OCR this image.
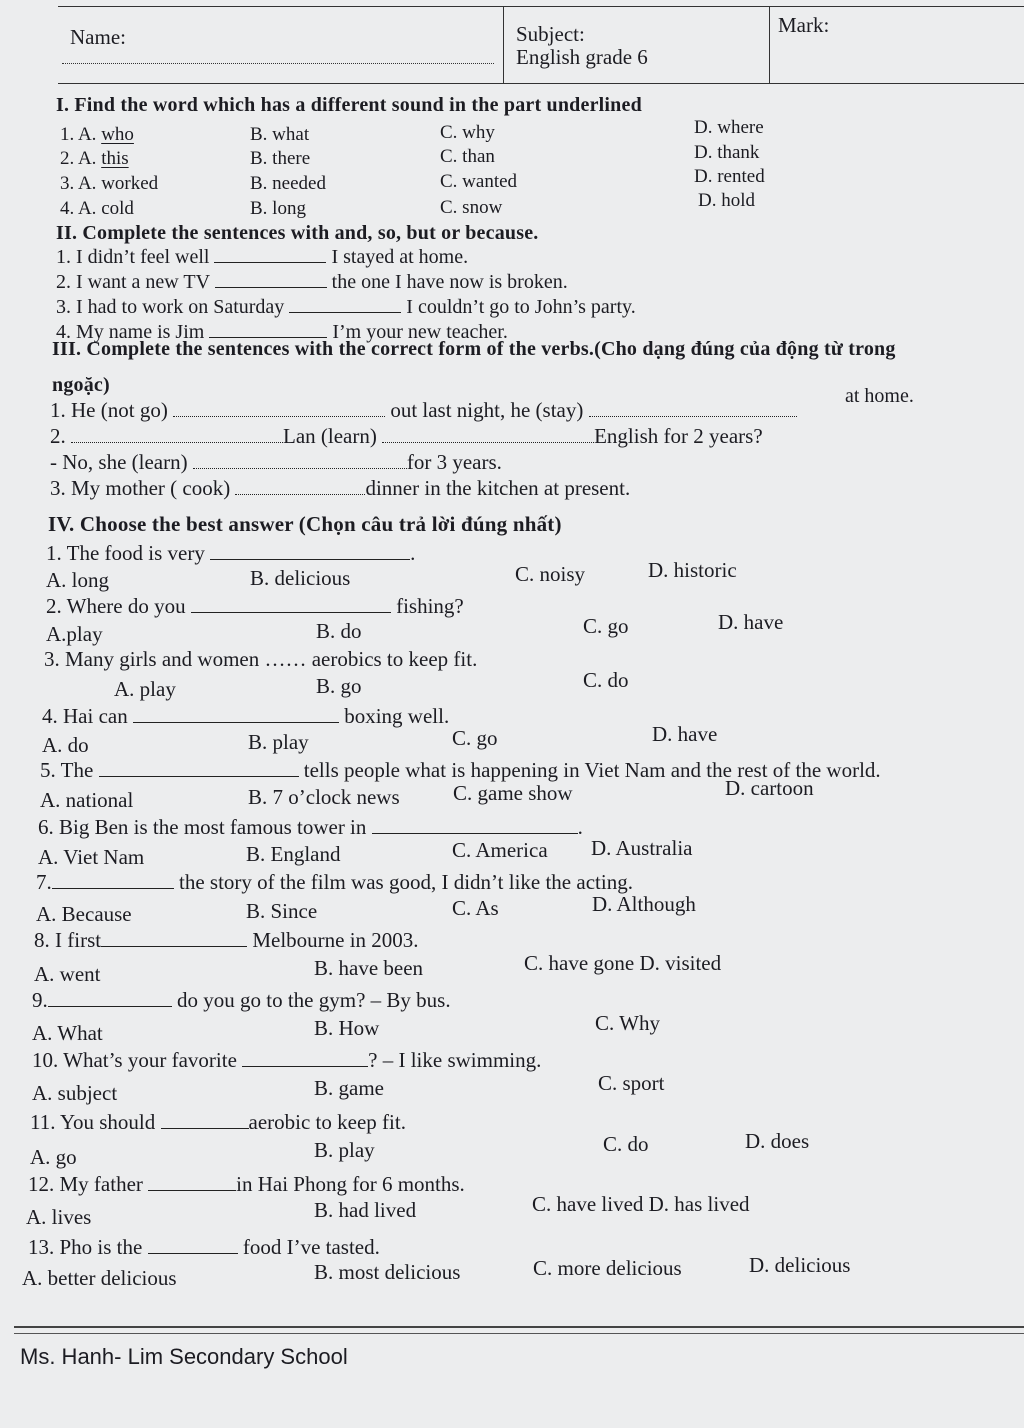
Name:	Subject:
English grade 6
Mark:
I. Find the word which has a different sound in the part underlined
1. A. who	B. what	C. why	D. where
2. A. this	B. there	C. than	D. thank
3. A. worked	B. needed	C. wanted	D. rented
4. A. cold	B. long	C. snow	D. hold
II. Complete the sentences with and, so, but or because.
1. I didn’t feel well	I stayed at home.
2. I want a new TV	the one I have now is broken.
3. I had to work on Saturday	I couldn’t go to John’s party.
4. My name is Jim	I’m your new teacher.
III. Complete the sentences with the correct form of the verbs.(Cho dạng đúng của động từ trong
ngoặc)
1. He (not go)	out last night, he (stay)
at home.
2.	Lan (learn)	English for 2 years?
- No, she (learn)	for 3 years.
3. My mother ( cook)	dinner in the kitchen at present.
IV. Choose the best answer (Chọn câu trả lời đúng nhất)
1. The food is very	.
A. long	B. delicious	C. noisy	D. historic
2. Where do you	fishing?
A.play	B. do	C. go	D. have
3. Many girls and women …… aerobics to keep fit.
A. play	B. go	C. do
4. Hai can	boxing well.
A. do	B. play	C. go	D. have
5. The	tells people what is happening in Viet Nam and the rest of the world.
A. national	B. 7 o’clock news	C. game show	D. cartoon
6. Big Ben is the most famous tower in	.
A. Viet Nam	B. England	C. America D. Australia
7.	the story of the film was good, I didn’t like the acting.
A. Because	B. Since	C. As	D. Although
8. I first	Melbourne in 2003.
A. went	B. have been	C. have gone D. visited
9.	do you go to the gym? – By bus.
A. What	B. How	C. Why
10. What’s your favorite	? – I like swimming.
A. subject	B. game	C. sport
11. You should	aerobic to keep fit.
A. go	B. play	C. do	D. does
12. My father	in Hai Phong for 6 months.
A. lives	B. had lived	C. have lived D. has lived
13. Pho is the	food I’ve tasted.
A. better delicious	B. most delicious	C. more delicious	D. delicious
Ms. Hanh- Lim Secondary School
